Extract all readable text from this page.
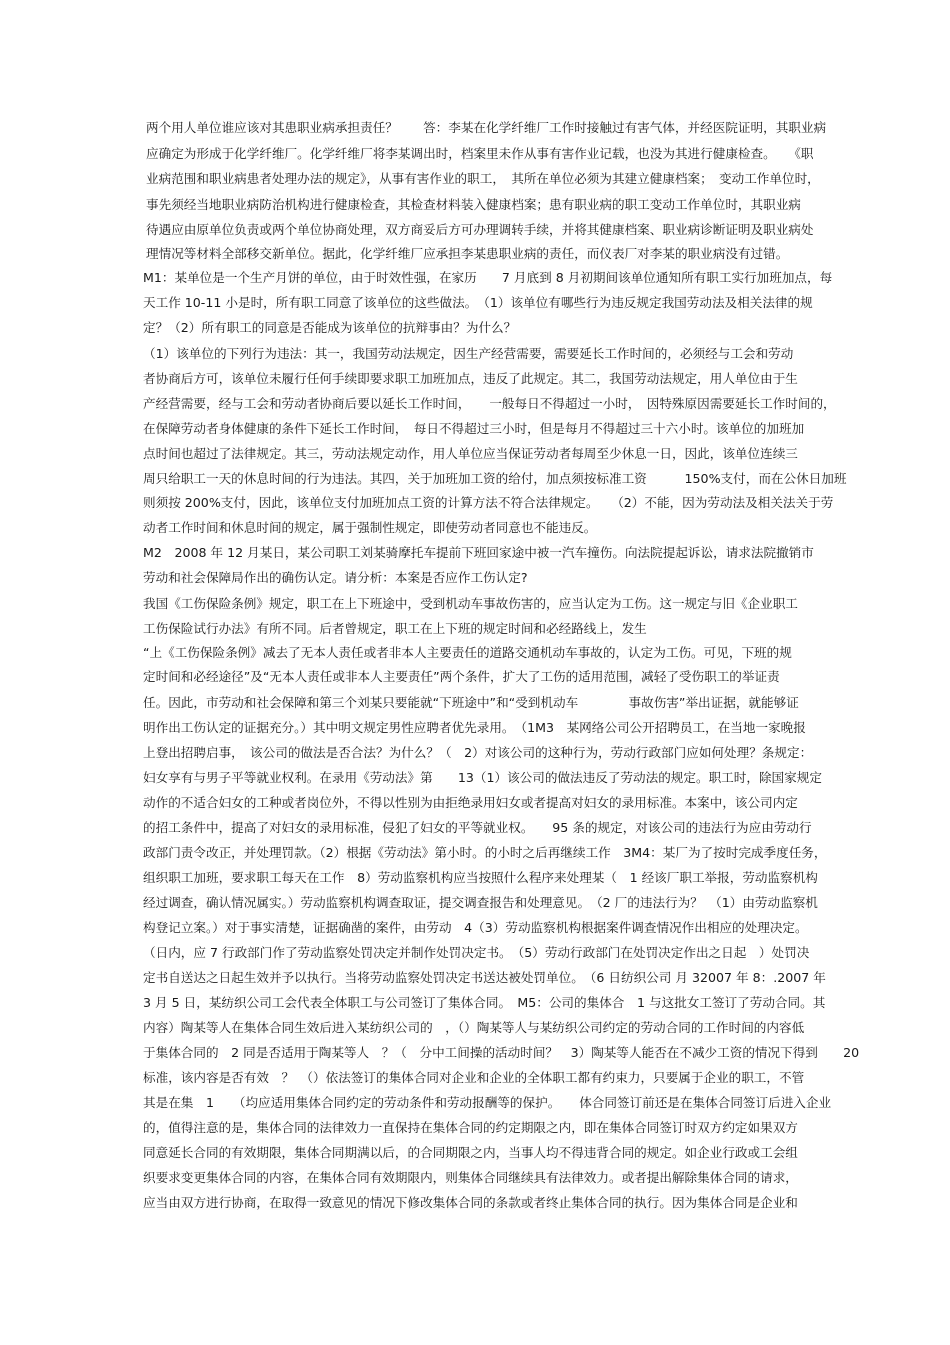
两个用人单位谁应该对其患职业病承担责任？　　答：李某在化学纤维厂工作时接触过有害气体，并经医院证明，其职业病
应确定为形成于化学纤维厂。化学纤维厂将李某调出时，档案里未作从事有害作业记载，也没为其进行健康检查。　　《职
业病范围和职业病患者处理办法的规定》，从事有害作业的职工，　其所在单位必须为其建立健康档案；　变动工作单位时，
事先须经当地职业病防治机构进行健康检查，其检查材料装入健康档案；患有职业病的职工变动工作单位时，其职业病
待遇应由原单位负责或两个单位协商处理，双方商妥后方可办理调转手续，并将其健康档案、职业病诊断证明及职业病处
理情况等材料全部移交新单位。据此，化学纤维厂应承担李某患职业病的责任，而仪表厂对李某的职业病没有过错。
M1：某单位是一个生产月饼的单位，由于时效性强，在家历　　7 月底到 8 月初期间该单位通知所有职工实行加班加点，每
天工作 10-11 小是时，所有职工同意了该单位的这些做法。　（1）该单位有哪些行为违反规定我国劳动法及相关法律的规
定？（2）所有职工的同意是否能成为该单位的抗辩事由？为什么？
（1）该单位的下列行为违法：其一，我国劳动法规定，因生产经营需要，需要延长工作时间的，必须经与工会和劳动
者协商后方可，该单位未履行任何手续即要求职工加班加点，违反了此规定。其二，我国劳动法规定，用人单位由于生
产经营需要，经与工会和劳动者协商后要以延长工作时间，　　一般每日不得超过一小时，　因特殊原因需要延长工作时间的，
在保障劳动者身体健康的条件下延长工作时间，　每日不得超过三小时，但是每月不得超过三十六小时。该单位的加班加
点时间也超过了法律规定。其三，劳动法规定动作，用人单位应当保证劳动者每周至少休息一日，因此，该单位连续三
周只给职工一天的休息时间的行为违法。其四，关于加班加工资的给付，加点须按标准工资　　　150%支付，而在公休日加班
则须按 200%支付，因此，该单位支付加班加点工资的计算方法不符合法律规定。　　（2）不能，因为劳动法及相关法关于劳
动者工作时间和休息时间的规定，属于强制性规定，即使劳动者同意也不能违反。
M2　2008 年 12 月某日，某公司职工刘某骑摩托车提前下班回家途中被一汽车撞伤。向法院提起诉讼，请求法院撤销市
劳动和社会保障局作出的确伤认定。请分析：本案是否应作工伤认定?
我国《工伤保险条例》规定，职工在上下班途中，受到机动车事故伤害的，应当认定为工伤。这一规定与旧《企业职工
工伤保险试行办法》有所不同。后者曾规定，职工在上下班的规定时间和必经路线上，发生
“上《工伤保险条例》减去了无本人责任或者非本人主要责任的道路交通机动车事故的，认定为工伤。可见，下班的规
定时间和必经途径”及“无本人责任或非本人主要责任”两个条件，扩大了工伤的适用范围，减轻了受伤职工的举证责
任。因此，市劳动和社会保障和第三个刘某只要能就“下班途中”和“受到机动车　　　　事故伤害”举出证据，就能够证
明作出工伤认定的证据充分。）其中明文规定男性应聘者优先录用。　（1M3　某网络公司公开招聘员工，在当地一家晚报
上登出招聘启事，　该公司的做法是否合法？为什么？（　2）对该公司的这种行为，劳动行政部门应如何处理？条规定：
妇女享有与男子平等就业权利。在录用《劳动法》第　　13（1）该公司的做法违反了劳动法的规定。职工时，除国家规定
动作的不适合妇女的工种或者岗位外，不得以性别为由拒绝录用妇女或者提高对妇女的录用标准。本案中，该公司内定
的招工条件中，提高了对妇女的录用标准，侵犯了妇女的平等就业权。　　95 条的规定，对该公司的违法行为应由劳动行
政部门责令改正，并处理罚款。（2）根据《劳动法》第小时。的小时之后再继续工作　3M4：某厂为了按时完成季度任务，
组织职工加班，要求职工每天在工作　8）劳动监察机构应当按照什么程序来处理某（　1 经该厂职工举报，劳动监察机构
经过调查，确认情况属实。）劳动监察机构调查取证，提交调查报告和处理意见。　（2 厂的违法行为？　（1）由劳动监察机
构登记立案。）对于事实清楚，证据确凿的案件，由劳动　4（3）劳动监察机构根据案件调查情况作出相应的处理决定。
（日内，应 7 行政部门作了劳动监察处罚决定并制作处罚决定书。　（5）劳动行政部门在处罚决定作出之日起　）处罚决
定书自送达之日起生效并予以执行。当将劳动监察处罚决定书送达被处罚单位。　（6 日纺织公司 月 32007 年 8：.2007 年
3 月 5 日，某纺织公司工会代表全体职工与公司签订了集体合同。　M5：公司的集体合　1 与这批女工签订了劳动合同。其
内容）陶某等人在集体合同生效后进入某纺织公司的　，（）陶某等人与某纺织公司约定的劳动合同的工作时间的内容低
于集体合同的　2 同是否适用于陶某等人　？（　分中工间操的活动时间？　3）陶某等人能否在不减少工资的情况下得到　　20
标准，该内容是否有效　？　（）依法签订的集体合同对企业和企业的全体职工都有约束力，只要属于企业的职工，不管
其是在集　1　　（均应适用集体合同约定的劳动条件和劳动报酬等的保护。　　体合同签订前还是在集体合同签订后进入企业
的，值得注意的是，集体合同的法律效力一直保持在集体合同的约定期限之内，即在集体合同签订时双方约定如果双方
同意延长合同的有效期限，集体合同期满以后，的合同期限之内，当事人均不得违背合同的规定。如企业行政或工会组
织要求变更集体合同的内容，在集体合同有效期限内，则集体合同继续具有法律效力。或者提出解除集体合同的请求，
应当由双方进行协商，在取得一致意见的情况下修改集体合同的条款或者终止集体合同的执行。因为集体合同是企业和
